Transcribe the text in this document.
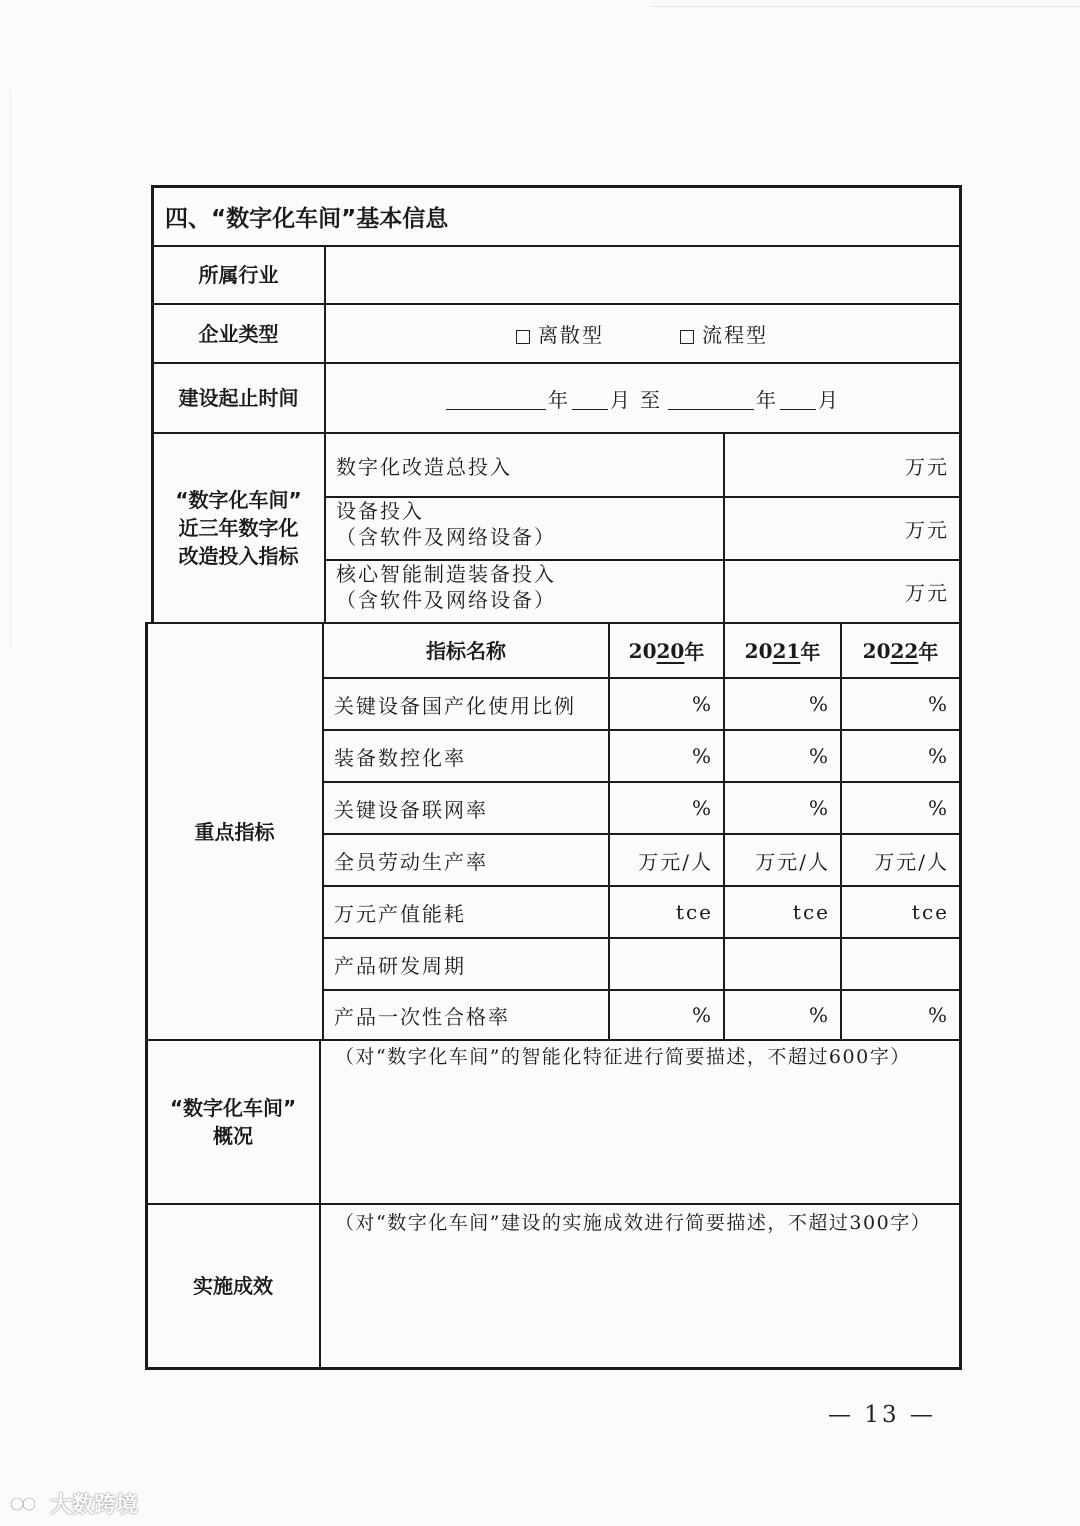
四、“数字化车间”基本信息
所属行业
企业类型	离散型	流程型
建设起止时间	年 月 至	年 月
“数字化车间”
近三年数字化
改造投入指标
数字化改造总投入	万元
设备投入
（含软件及网络设备）	万元
核心智能制造装备投入
（含软件及网络设备）	万元
重点指标
指标名称	20 20 年 20 21 年 20 22 年
关键设备国产化使用比例	%	%	%
装备数控化率	%	%	%
关键设备联网率	%	%	%
全员劳动生产率	万元/人	万元/人	万元/人
万元产值能耗	tce	tce	tce
产品研发周期
产品一次性合格率	%	%	%
“数字化车间”
概况
（对“数字化车间”的智能化特征进行简要描述，不超过600字）
实施成效
（对“数字化车间”建设的实施成效进行简要描述，不超过300字）
— 13 —
大数跨境
